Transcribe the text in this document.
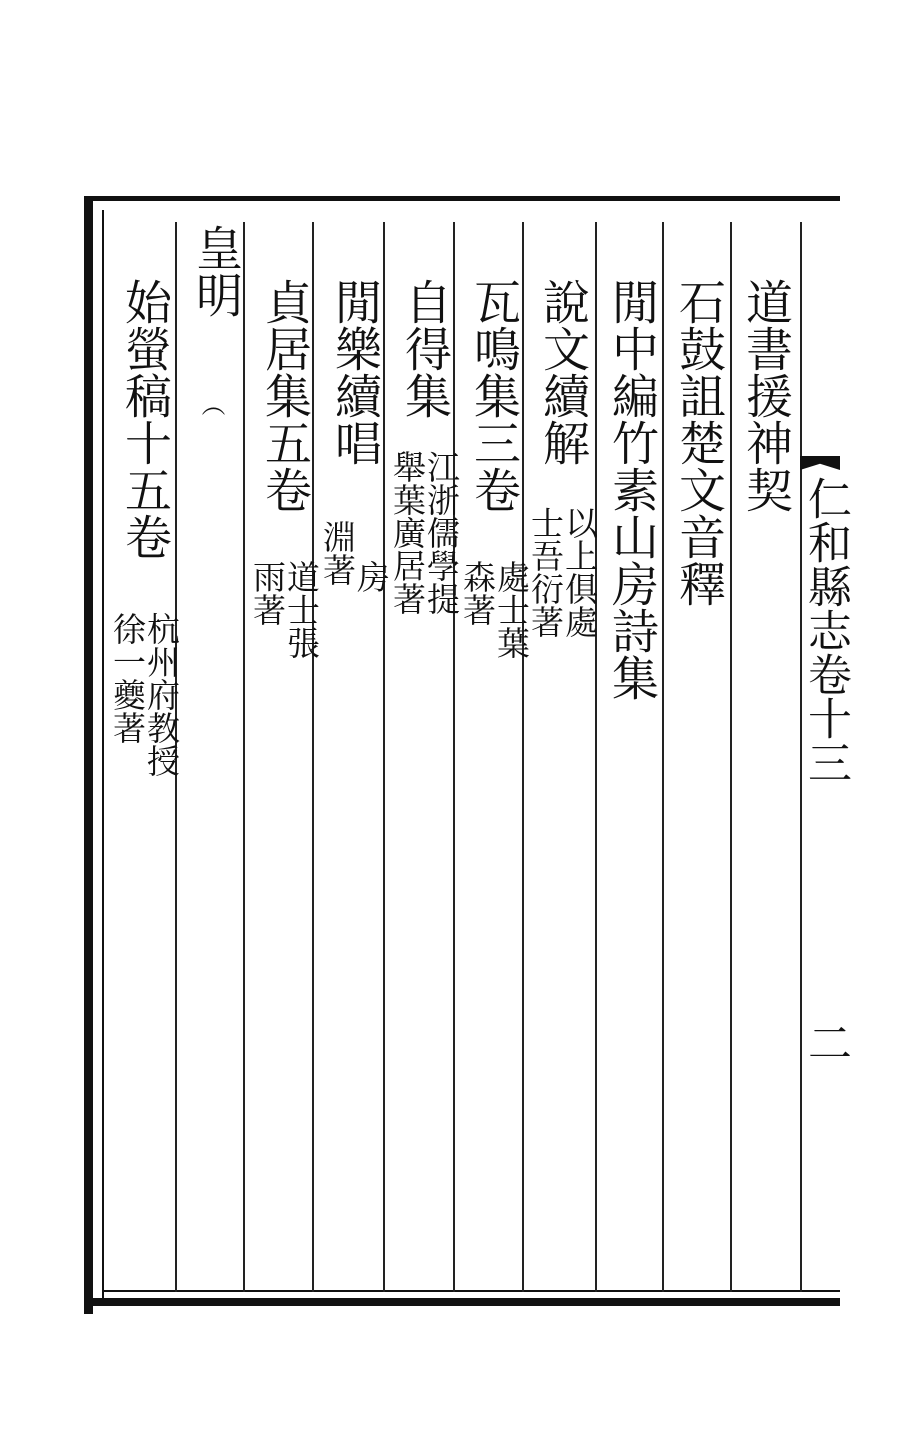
仁和縣志卷十三
二
道書援神契
石鼓詛楚文音釋
閒中編竹素山房詩集
說文續解
以上俱處
士吾衍著
瓦鳴集三卷
處士葉
森著
自得集
江浙儒學提
舉葉廣居著
閒樂續唱
房
淵著
貞居集五卷
道士張
雨著
皇明
（
始螢稿十五卷
杭州府教授
徐一夔著
